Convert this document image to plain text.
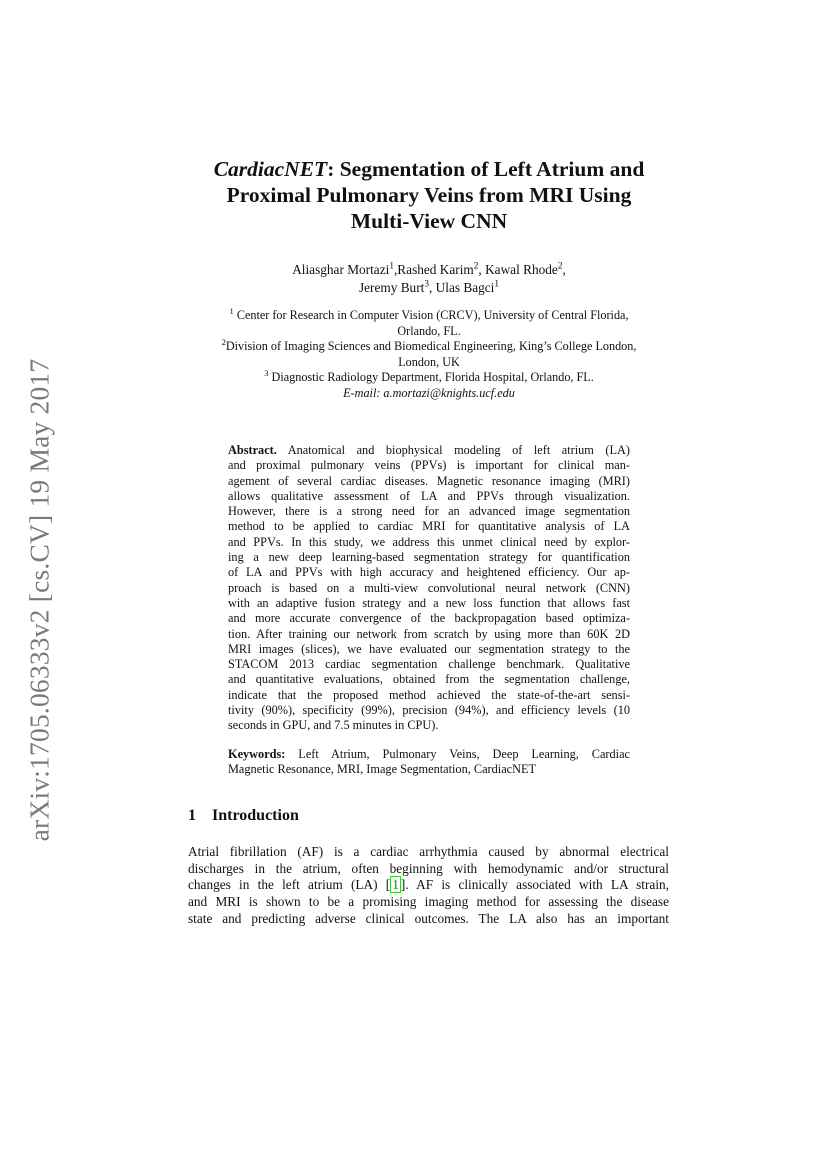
arXiv:1705.06333v2 [cs.CV] 19 May 2017
CardiacNET: Segmentation of Left Atrium and
Proximal Pulmonary Veins from MRI Using
Multi-View CNN
Aliasghar Mortazi$^1$,Rashed Karim$^2$, Kawal Rhode$^2$,
Jeremy Burt$^3$, Ulas Bagci$^1$
$^1$ Center for Research in Computer Vision (CRCV), University of Central Florida,
Orlando, FL.
$^2$Division of Imaging Sciences and Biomedical Engineering, King’s College London,
London, UK
$^3$ Diagnostic Radiology Department, Florida Hospital, Orlando, FL.
E-mail: a.mortazi@knights.ucf.edu
Abstract. Anatomical and biophysical modeling of left atrium (LA)
and proximal pulmonary veins (PPVs) is important for clinical man-
agement of several cardiac diseases. Magnetic resonance imaging (MRI)
allows qualitative assessment of LA and PPVs through visualization.
However, there is a strong need for an advanced image segmentation
method to be applied to cardiac MRI for quantitative analysis of LA
and PPVs. In this study, we address this unmet clinical need by explor-
ing a new deep learning-based segmentation strategy for quantification
of LA and PPVs with high accuracy and heightened efficiency. Our ap-
proach is based on a multi-view convolutional neural network (CNN)
with an adaptive fusion strategy and a new loss function that allows fast
and more accurate convergence of the backpropagation based optimiza-
tion. After training our network from scratch by using more than 60K 2D
MRI images (slices), we have evaluated our segmentation strategy to the
STACOM 2013 cardiac segmentation challenge benchmark. Qualitative
and quantitative evaluations, obtained from the segmentation challenge,
indicate that the proposed method achieved the state-of-the-art sensi-
tivity (90%), specificity (99%), precision (94%), and efficiency levels (10
seconds in GPU, and 7.5 minutes in CPU).
Keywords: Left Atrium, Pulmonary Veins, Deep Learning, Cardiac
Magnetic Resonance, MRI, Image Segmentation, CardiacNET
1 Introduction
Atrial fibrillation (AF) is a cardiac arrhythmia caused by abnormal electrical
discharges in the atrium, often beginning with hemodynamic and/or structural
changes in the left atrium (LA) [ 1 ]. AF is clinically associated with LA strain,
and MRI is shown to be a promising imaging method for assessing the disease
state and predicting adverse clinical outcomes. The LA also has an important
